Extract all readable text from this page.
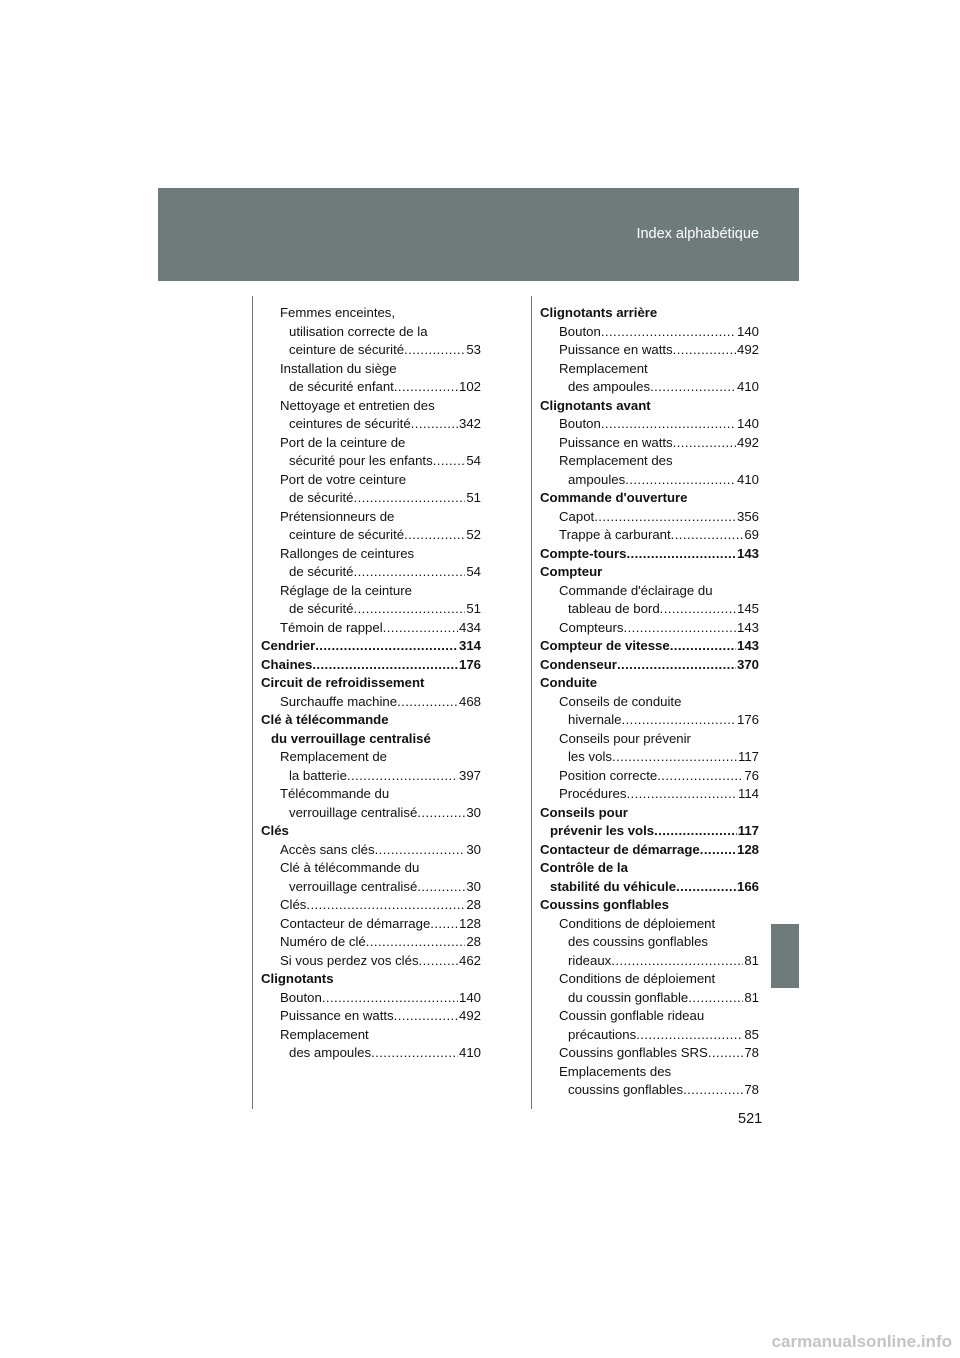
Index alphabétique
Femmes enceintes,
utilisation correcte de la
ceinture de sécurité .....	53
Installation du siège
de sécurité enfant .....	102
Nettoyage et entretien des
ceintures de sécurité .....	342
Port de la ceinture de
sécurité pour les enfants .....	54
Port de votre ceinture
de sécurité .....	51
Prétensionneurs de
ceinture de sécurité .....	52
Rallonges de ceintures
de sécurité .....	54
Réglage de la ceinture
de sécurité .....	51
Témoin de rappel .....	434
Cendrier .....	314
Chaines .....	176
Circuit de refroidissement
Surchauffe machine .....	468
Clé à télécommande
du verrouillage centralisé
Remplacement de
la batterie .....	397
Télécommande du
verrouillage centralisé .....	30
Clés
Accès sans clés .....	30
Clé à télécommande du
verrouillage centralisé .....	30
Clés .....	28
Contacteur de démarrage ..... 128
Numéro de clé .....	28
Si vous perdez vos clés .....	462
Clignotants
Bouton .....	140
Puissance en watts .....	492
Remplacement
des ampoules .....	410
Clignotants arrière
Bouton .....	140
Puissance en watts .....	492
Remplacement
des ampoules .....	410
Clignotants avant
Bouton .....	140
Puissance en watts .....	492
Remplacement des
ampoules .....	410
Commande d'ouverture
Capot .....	356
Trappe à carburant .....	69
Compte-tours .....	143
Compteur
Commande d'éclairage du
tableau de bord .....	145
Compteurs .....	143
Compteur de vitesse .....	143
Condenseur .....	370
Conduite
Conseils de conduite
hivernale .....	176
Conseils pour prévenir
les vols .....	117
Position correcte .....	76
Procédures .....	114
Conseils pour
prévenir les vols .....	117
Contacteur de démarrage .....	128
Contrôle de la
stabilité du véhicule .....	166
Coussins gonflables
Conditions de déploiement
des coussins gonflables
rideaux .....	81
Conditions de déploiement
du coussin gonflable .....	81
Coussin gonflable rideau
précautions .....	85
Coussins gonflables SRS .....	78
Emplacements des
coussins gonflables .....	78
521
carmanualsonline.info
